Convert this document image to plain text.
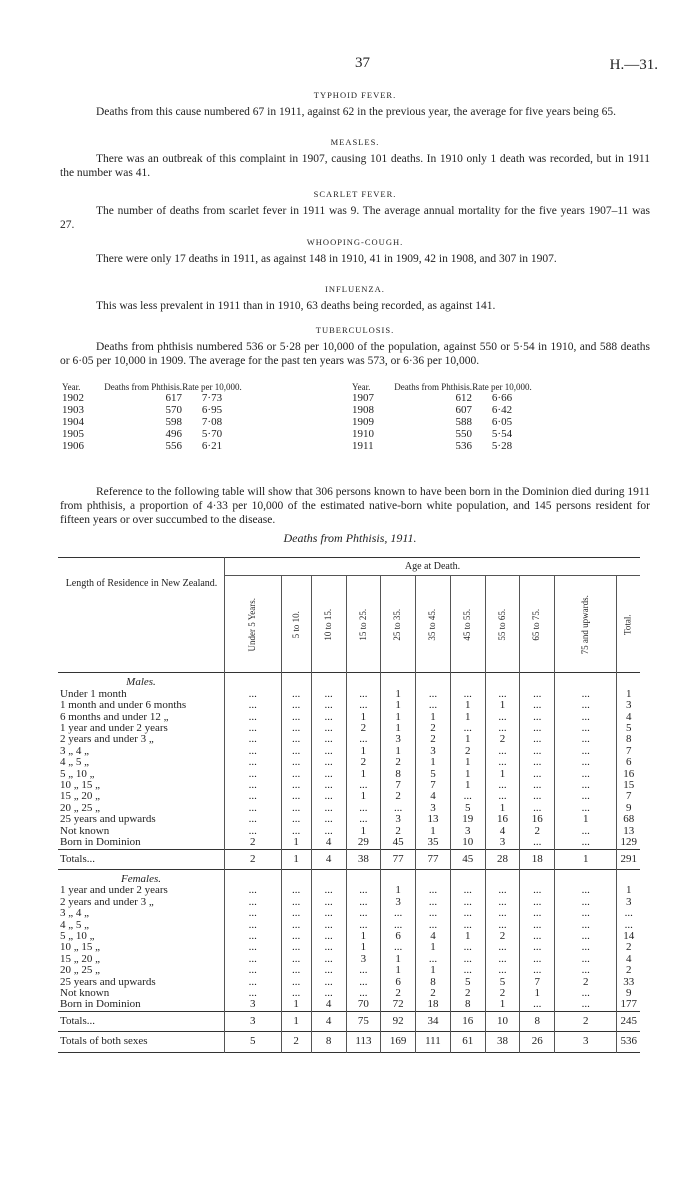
37	H.—31.
TYPHOID FEVER.
Deaths from this cause numbered 67 in 1911, against 62 in the previous year, the average for five years being 65.
MEASLES.
There was an outbreak of this complaint in 1907, causing 101 deaths. In 1910 only 1 death was recorded, but in 1911 the number was 41.
SCARLET FEVER.
The number of deaths from scarlet fever in 1911 was 9. The average annual mortality for the five years 1907–11 was 27.
WHOOPING-COUGH.
There were only 17 deaths in 1911, as against 148 in 1910, 41 in 1909, 42 in 1908, and 307 in 1907.
INFLUENZA.
This was less prevalent in 1911 than in 1910, 63 deaths being recorded, as against 141.
TUBERCULOSIS.
Deaths from phthisis numbered 536 or 5·28 per 10,000 of the population, against 550 or 5·54 in 1910, and 588 deaths or 6·05 per 10,000 in 1909. The average for the past ten years was 573, or 6·36 per 10,000.
Year.	Deaths from Phthisis.	Rate per 10,000.		Year.	Deaths from Phthisis.	Rate per 10,000.	
1902	617	7·73		1907	612	6·66	
1903	570	6·95		1908	607	6·42	
1904	598	7·08		1909	588	6·05	
1905	496	5·70		1910	550	5·54	
1906	556	6·21		1911	536	5·28	
Reference to the following table will show that 306 persons known to have been born in the Dominion died during 1911 from phthisis, a proportion of 4·33 per 10,000 of the estimated native-born white population, and 145 persons resident for fifteen years or over succumbed to the disease.
Deaths from Phthisis, 1911.
Length of Residence in New Zealand.	Age at Death.										
	Under 5 Years.	5 to 10.	10 to 15.	15 to 25.	25 to 35.	35 to 45.	45 to 55.	55 to 65.	65 to 75.	75 and upwards.	Total.
Males.											
Under 1 month	...	...	...	...	1	...	...	...	...	...	1
1 month and under 6 months	...	...	...	...	1	...	1	1	...	...	3
6 months and under 12 „	...	...	...	1	1	1	1	...	...	...	4
1 year and under 2 years	...	...	...	2	1	2	...	...	...	...	5
2 years and under 3 „	...	...	...	...	3	2	1	2	...	...	8
3 „ 4 „	...	...	...	1	1	3	2	...	...	...	7
4 „ 5 „	...	...	...	2	2	1	1	...	...	...	6
5 „ 10 „	...	...	...	1	8	5	1	1	...	...	16
10 „ 15 „	...	...	...	...	7	7	1	...	...	...	15
15 „ 20 „	...	...	...	1	2	4	...	...	...	...	7
20 „ 25 „	...	...	...	...	...	3	5	1	...	...	9
25 years and upwards	...	...	...	...	3	13	19	16	16	1	68
Not known	...	...	...	1	2	1	3	4	2	...	13
Born in Dominion	2	1	4	29	45	35	10	3	...	...	129
Totals...	2	1	4	38	77	77	45	28	18	1	291
Females.											
1 year and under 2 years	...	...	...	...	1	...	...	...	...	...	1
2 years and under 3 „	...	...	...	...	3	...	...	...	...	...	3
3 „ 4 „	...	...	...	...	...	...	...	...	...	...	...
4 „ 5 „	...	...	...	...	...	...	...	...	...	...	...
5 „ 10 „	...	...	...	1	6	4	1	2	...	...	14
10 „ 15 „	...	...	...	1	...	1	...	...	...	...	2
15 „ 20 „	...	...	...	3	1	...	...	...	...	...	4
20 „ 25 „	...	...	...	...	1	1	...	...	...	...	2
25 years and upwards	...	...	...	...	6	8	5	5	7	2	33
Not known	...	...	...	...	2	2	2	2	1	...	9
Born in Dominion	3	1	4	70	72	18	8	1	...	...	177
Totals...	3	1	4	75	92	34	16	10	8	2	245
Totals of both sexes	5	2	8	113	169	111	61	38	26	3	536
